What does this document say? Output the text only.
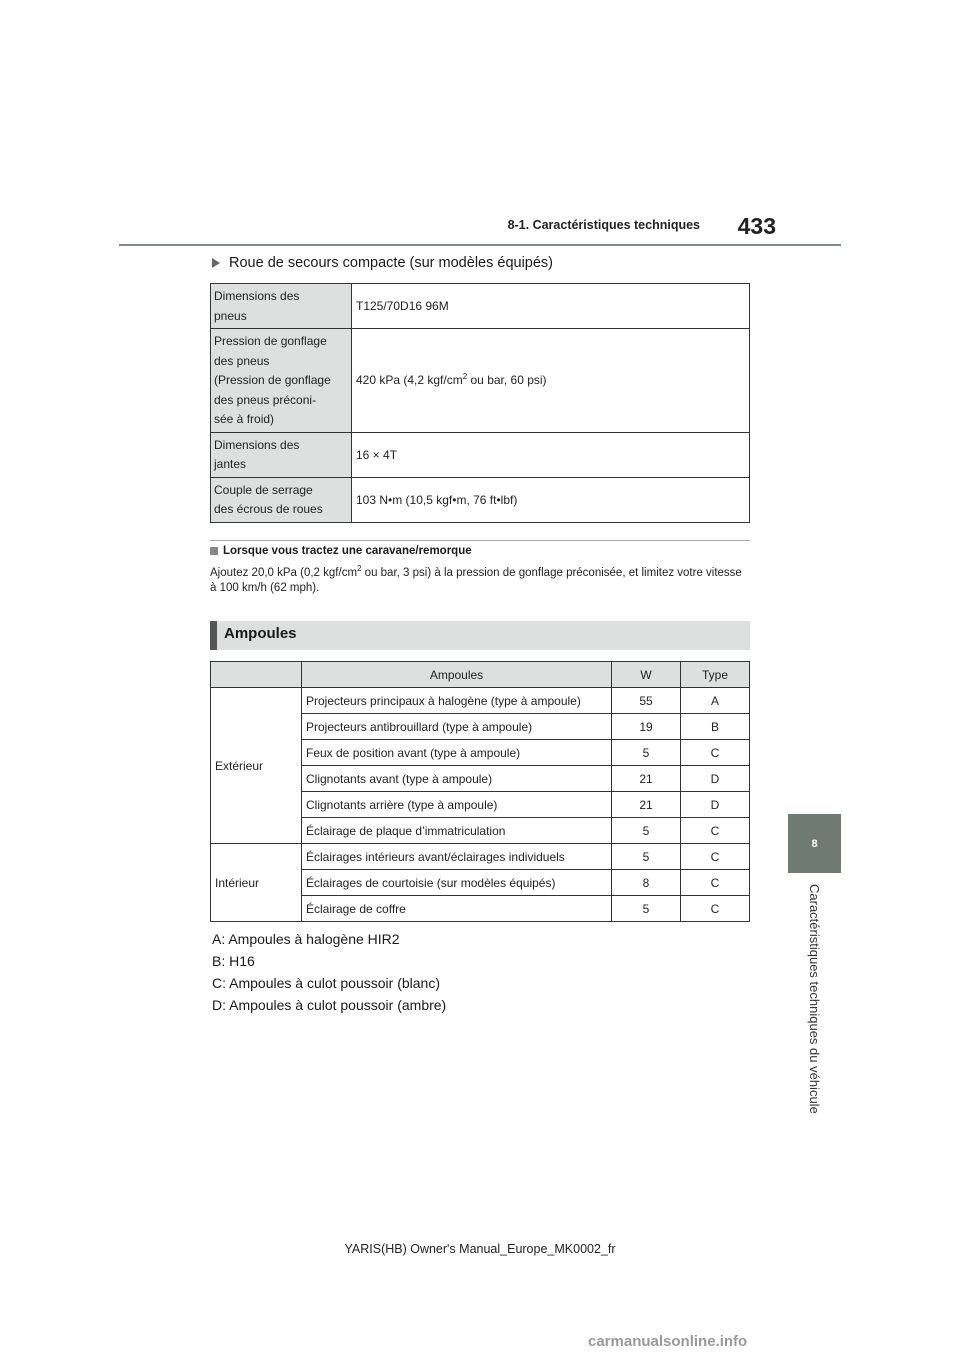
8-1. Caractéristiques techniques	433
8
Caractéristiques techniques du véhicule
Roue de secours compacte (sur modèles équipés)
Dimensions des
pneus	T125/70D16 96M

Pression de gonflage
des pneus
(Pression de gonflage
des pneus préconi-
sée à froid)	420 kPa (4,2 kgf/$cm^2$ ou bar, 60 psi)

Dimensions des
jantes	16 × 4T

Couple de serrage
des écrous de roues	103 N•m (10,5 kgf•m, 76 ft•lbf)
Lorsque vous tractez une caravane/remorque
Ajoutez 20,0 kPa (0,2 kgf/$cm^2$ ou bar, 3 psi) à la pression de gonflage préconisée, et limitez votre vitesse à 100 km/h (62 mph).
Ampoules
	Ampoules	W	Type
Extérieur	Projecteurs principaux à halogène (type à ampoule)	55	A
	Projecteurs antibrouillard (type à ampoule)	19	B
	Feux de position avant (type à ampoule)	5	C
	Clignotants avant (type à ampoule)	21	D
	Clignotants arrière (type à ampoule)	21	D
	Éclairage de plaque d’immatriculation	5	C
Intérieur	Éclairages intérieurs avant/éclairages individuels	5	C
	Éclairages de courtoisie (sur modèles équipés)	8	C
	Éclairage de coffre	5	C
A: Ampoules à halogène HIR2
B: H16
C: Ampoules à culot poussoir (blanc)
D: Ampoules à culot poussoir (ambre)
YARIS(HB) Owner's Manual_Europe_MK0002_fr
carmanualsonline.info
